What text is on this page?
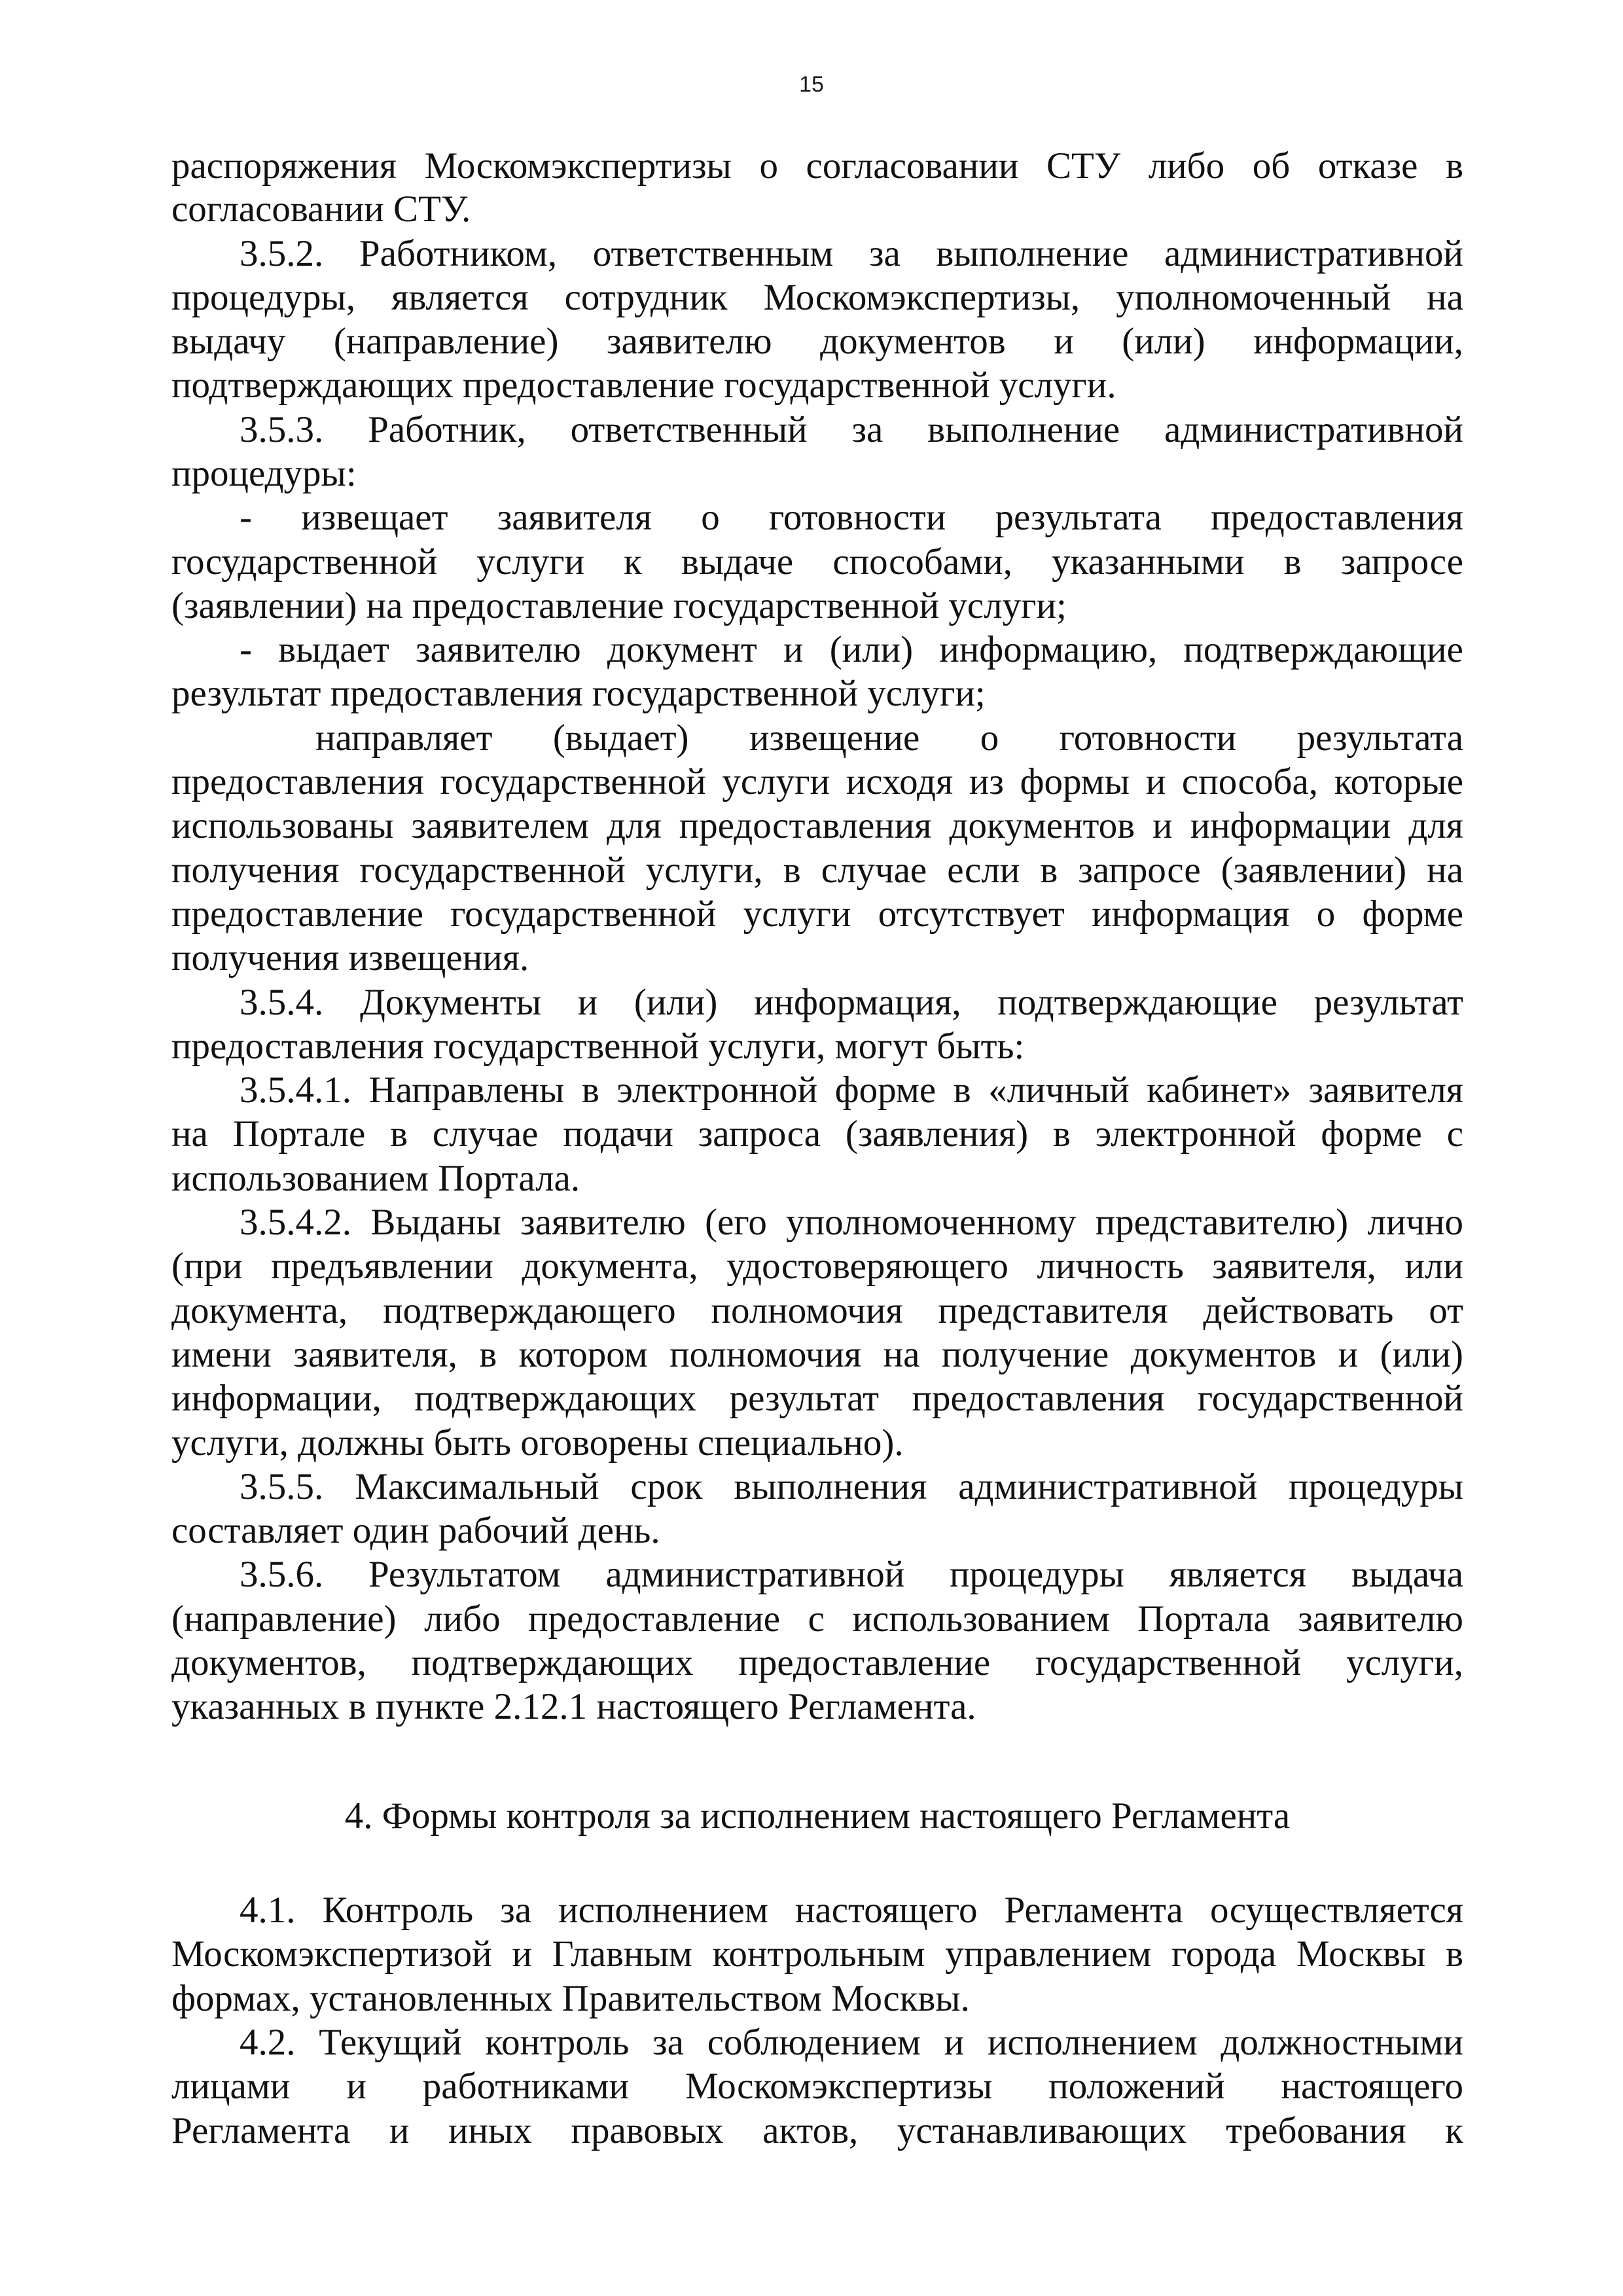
15
распоряжения Москомэкспертизы о согласовании СТУ либо об отказе в
согласовании СТУ.
3.5.2. Работником, ответственным за выполнение административной
процедуры, является сотрудник Москомэкспертизы, уполномоченный на
выдачу (направление) заявителю документов и (или) информации,
подтверждающих предоставление государственной услуги.
3.5.3. Работник, ответственный за выполнение административной
процедуры:
- извещает заявителя о готовности результата предоставления
государственной услуги к выдаче способами, указанными в запросе
(заявлении) на предоставление государственной услуги;
- выдает заявителю документ и (или) информацию, подтверждающие
результат предоставления государственной услуги;
направляет (выдает) извещение о готовности результата
предоставления государственной услуги исходя из формы и способа, которые
использованы заявителем для предоставления документов и информации для
получения государственной услуги, в случае если в запросе (заявлении) на
предоставление государственной услуги отсутствует информация о форме
получения извещения.
3.5.4. Документы и (или) информация, подтверждающие результат
предоставления государственной услуги, могут быть:
3.5.4.1. Направлены в электронной форме в «личный кабинет» заявителя
на Портале в случае подачи запроса (заявления) в электронной форме с
использованием Портала.
3.5.4.2. Выданы заявителю (его уполномоченному представителю) лично
(при предъявлении документа, удостоверяющего личность заявителя, или
документа, подтверждающего полномочия представителя действовать от
имени заявителя, в котором полномочия на получение документов и (или)
информации, подтверждающих результат предоставления государственной
услуги, должны быть оговорены специально).
3.5.5. Максимальный срок выполнения административной процедуры
составляет один рабочий день.
3.5.6. Результатом административной процедуры является выдача
(направление) либо предоставление с использованием Портала заявителю
документов, подтверждающих предоставление государственной услуги,
указанных в пункте 2.12.1 настоящего Регламента.
4. Формы контроля за исполнением настоящего Регламента
4.1. Контроль за исполнением настоящего Регламента осуществляется
Москомэкспертизой и Главным контрольным управлением города Москвы в
формах, установленных Правительством Москвы.
4.2. Текущий контроль за соблюдением и исполнением должностными
лицами и работниками Москомэкспертизы положений настоящего
Регламента и иных правовых актов, устанавливающих требования к
